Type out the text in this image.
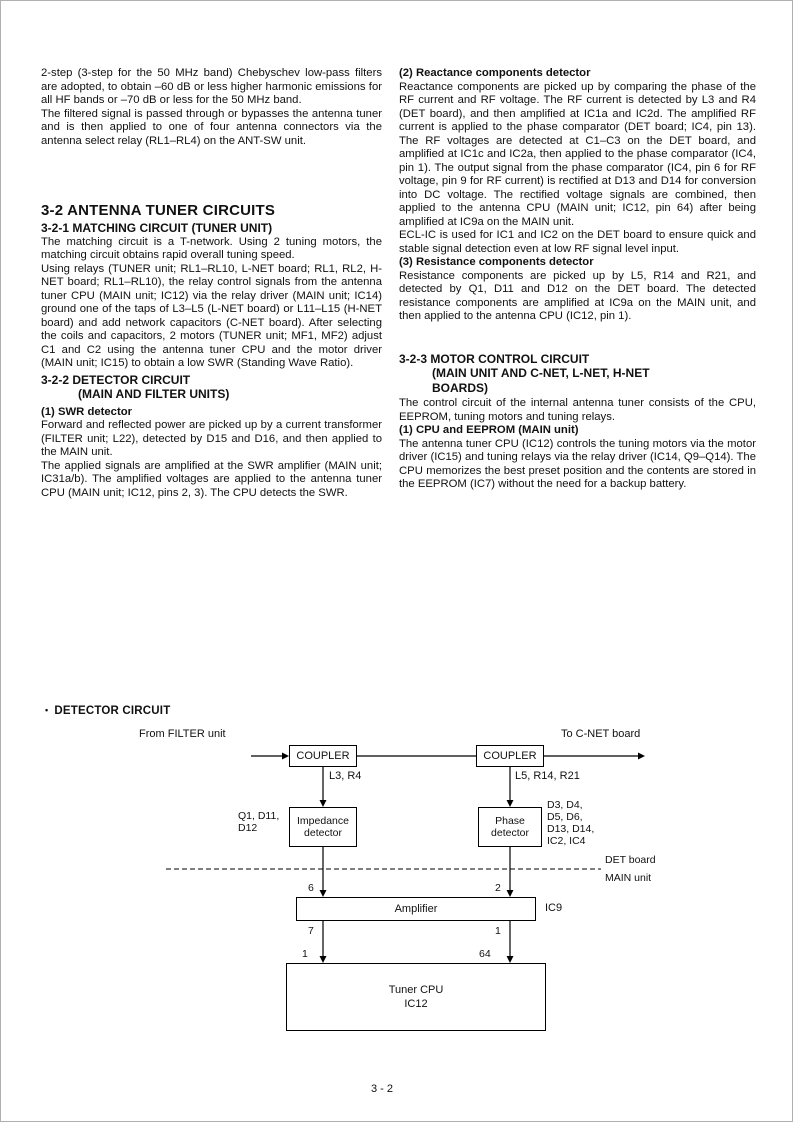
2-step (3-step for the 50 MHz band) Chebyschev low-pass filters are adopted, to obtain –60 dB or less higher harmonic emissions for all HF bands or –70 dB or less for the 50 MHz band.

The filtered signal is passed through or bypasses the antenna tuner and is then applied to one of four antenna connectors via the antenna select relay (RL1–RL4) on the ANT-SW unit.

3-2 ANTENNA TUNER CIRCUITS
3-2-1 MATCHING CIRCUIT (TUNER UNIT)

The matching circuit is a T-network. Using 2 tuning motors, the matching circuit obtains rapid overall tuning speed.

Using relays (TUNER unit; RL1–RL10, L-NET board; RL1, RL2, H-NET board; RL1–RL10), the relay control signals from the antenna tuner CPU (MAIN unit; IC12) via the relay driver (MAIN unit; IC14) ground one of the taps of L3–L5 (L-NET board) or L11–L15 (H-NET board) and add network capacitors (C-NET board). After selecting the coils and capacitors, 2 motors (TUNER unit; MF1, MF2) adjust C1 and C2 using the antenna tuner CPU and the motor driver (MAIN unit; IC15) to obtain a low SWR (Standing Wave Ratio).

3-2-2 DETECTOR CIRCUIT
(MAIN AND FILTER UNITS)

(1) SWR detector

Forward and reflected power are picked up by a current transformer (FILTER unit; L22), detected by D15 and D16, and then applied to the MAIN unit.

The applied signals are amplified at the SWR amplifier (MAIN unit; IC31a/b). The amplified voltages are applied to the antenna tuner CPU (MAIN unit; IC12, pins 2, 3). The CPU detects the SWR.

(2) Reactance components detector

Reactance components are picked up by comparing the phase of the RF current and RF voltage. The RF current is detected by L3 and R4 (DET board), and then amplified at IC1a and IC2d. The amplified RF current is applied to the phase comparator (DET board; IC4, pin 13). The RF voltages are detected at C1–C3 on the DET board, and amplified at IC1c and IC2a, then applied to the phase comparator (IC4, pin 1). The output signal from the phase comparator (IC4, pin 6 for RF voltage, pin 9 for RF current) is rectified at D13 and D14 for conversion into DC voltage. The rectified voltage signals are combined, then applied to the antenna CPU (MAIN unit; IC12, pin 64) after being amplified at IC9a on the MAIN unit.

ECL-IC is used for IC1 and IC2 on the DET board to ensure quick and stable signal detection even at low RF signal level input.

(3) Resistance components detector

Resistance components are picked up by L5, R14 and R21, and detected by Q1, D11 and D12 on the DET board. The detected resistance components are amplified at IC9a on the MAIN unit, and then applied to the antenna CPU (IC12, pin 1).

3-2-3 MOTOR CONTROL CIRCUIT
(MAIN UNIT AND C-NET, L-NET, H-NET
BOARDS)

The control circuit of the internal antenna tuner consists of the CPU, EEPROM, tuning motors and tuning relays.

(1) CPU and EEPROM (MAIN unit)

The antenna tuner CPU (IC12) controls the tuning motors via the motor driver (IC15) and tuning relays via the relay driver (IC14, Q9–Q14). The CPU memorizes the best preset position and the contents are stored in the EEPROM (IC7) without the need for a backup battery.

• DETECTOR CIRCUIT
From FILTER unit	To C-NET board
COUPLER	COUPLER
L3, R4	L5, R14, R21
Q1, D11,
D12
Impedance
detector
Phase
detector
D3, D4,
D5, D6,
D13, D14,
IC2, IC4
DET board
MAIN unit
6	2
Amplifier	IC9
7	1
1	64
Tuner CPU
IC12
3 - 2
